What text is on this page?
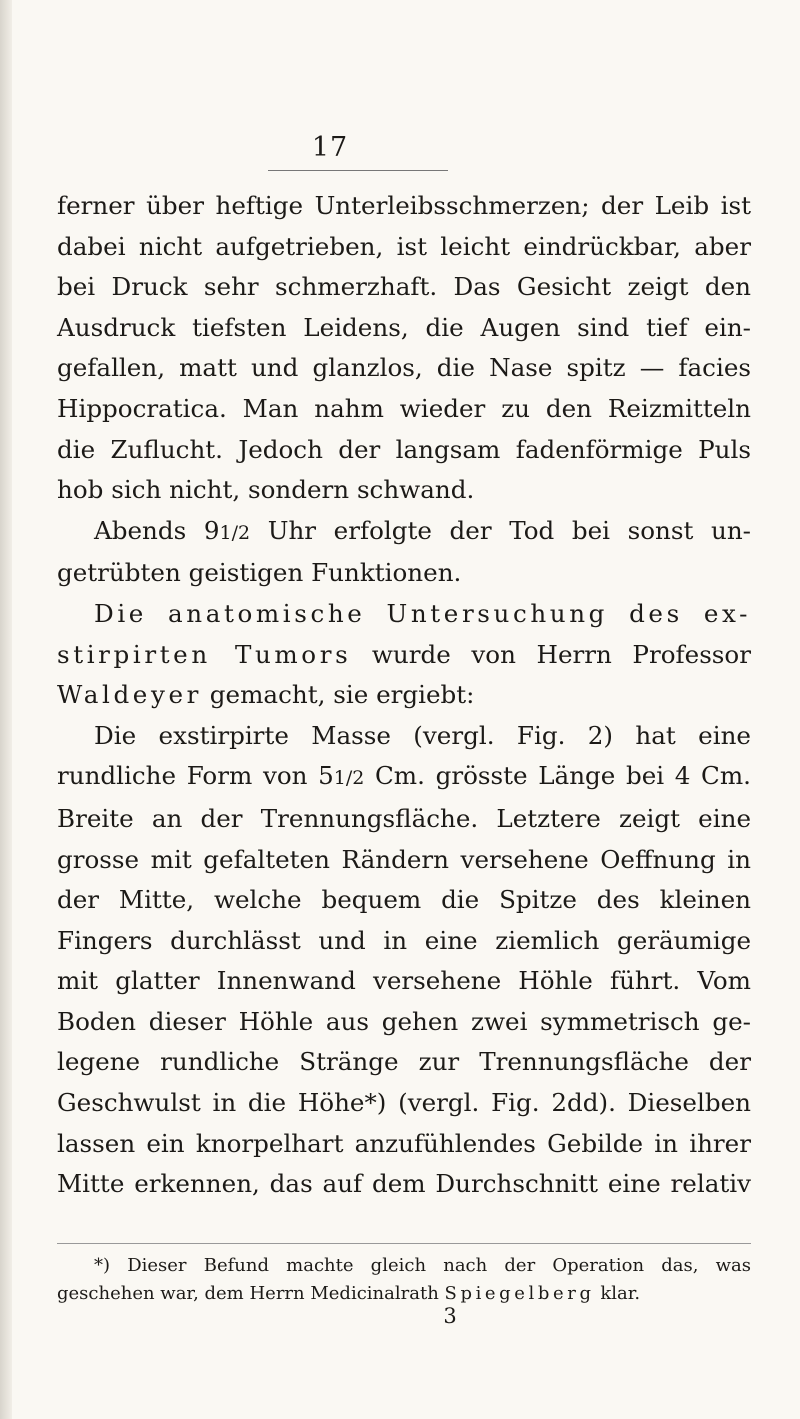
17
ferner über heftige Unterleibsschmerzen; der Leib ist
dabei nicht aufgetrieben, ist leicht eindrückbar, aber
bei Druck sehr schmerzhaft. Das Gesicht zeigt den
Ausdruck tiefsten Leidens, die Augen sind tief ein-
gefallen, matt und glanzlos, die Nase spitz — facies
Hippocratica. Man nahm wieder zu den Reizmitteln
die Zuflucht. Jedoch der langsam fadenförmige Puls
hob sich nicht, sondern schwand.
Abends 91/2 Uhr erfolgte der Tod bei sonst un-
getrübten geistigen Funktionen.
Die anatomische Untersuchung des ex-
stirpirten Tumors wurde von Herrn Professor
Waldeyer gemacht, sie ergiebt:
Die exstirpirte Masse (vergl. Fig. 2) hat eine
rundliche Form von 51/2 Cm. grösste Länge bei 4 Cm.
Breite an der Trennungsfläche. Letztere zeigt eine
grosse mit gefalteten Rändern versehene Oeffnung in
der Mitte, welche bequem die Spitze des kleinen
Fingers durchlässt und in eine ziemlich geräumige
mit glatter Innenwand versehene Höhle führt. Vom
Boden dieser Höhle aus gehen zwei symmetrisch ge-
legene rundliche Stränge zur Trennungsfläche der
Geschwulst in die Höhe*) (vergl. Fig. 2dd). Dieselben
lassen ein knorpelhart anzufühlendes Gebilde in ihrer
Mitte erkennen, das auf dem Durchschnitt eine relativ
*) Dieser Befund machte gleich nach der Operation das, was
geschehen war, dem Herrn Medicinalrath Spiegelberg klar.
3
